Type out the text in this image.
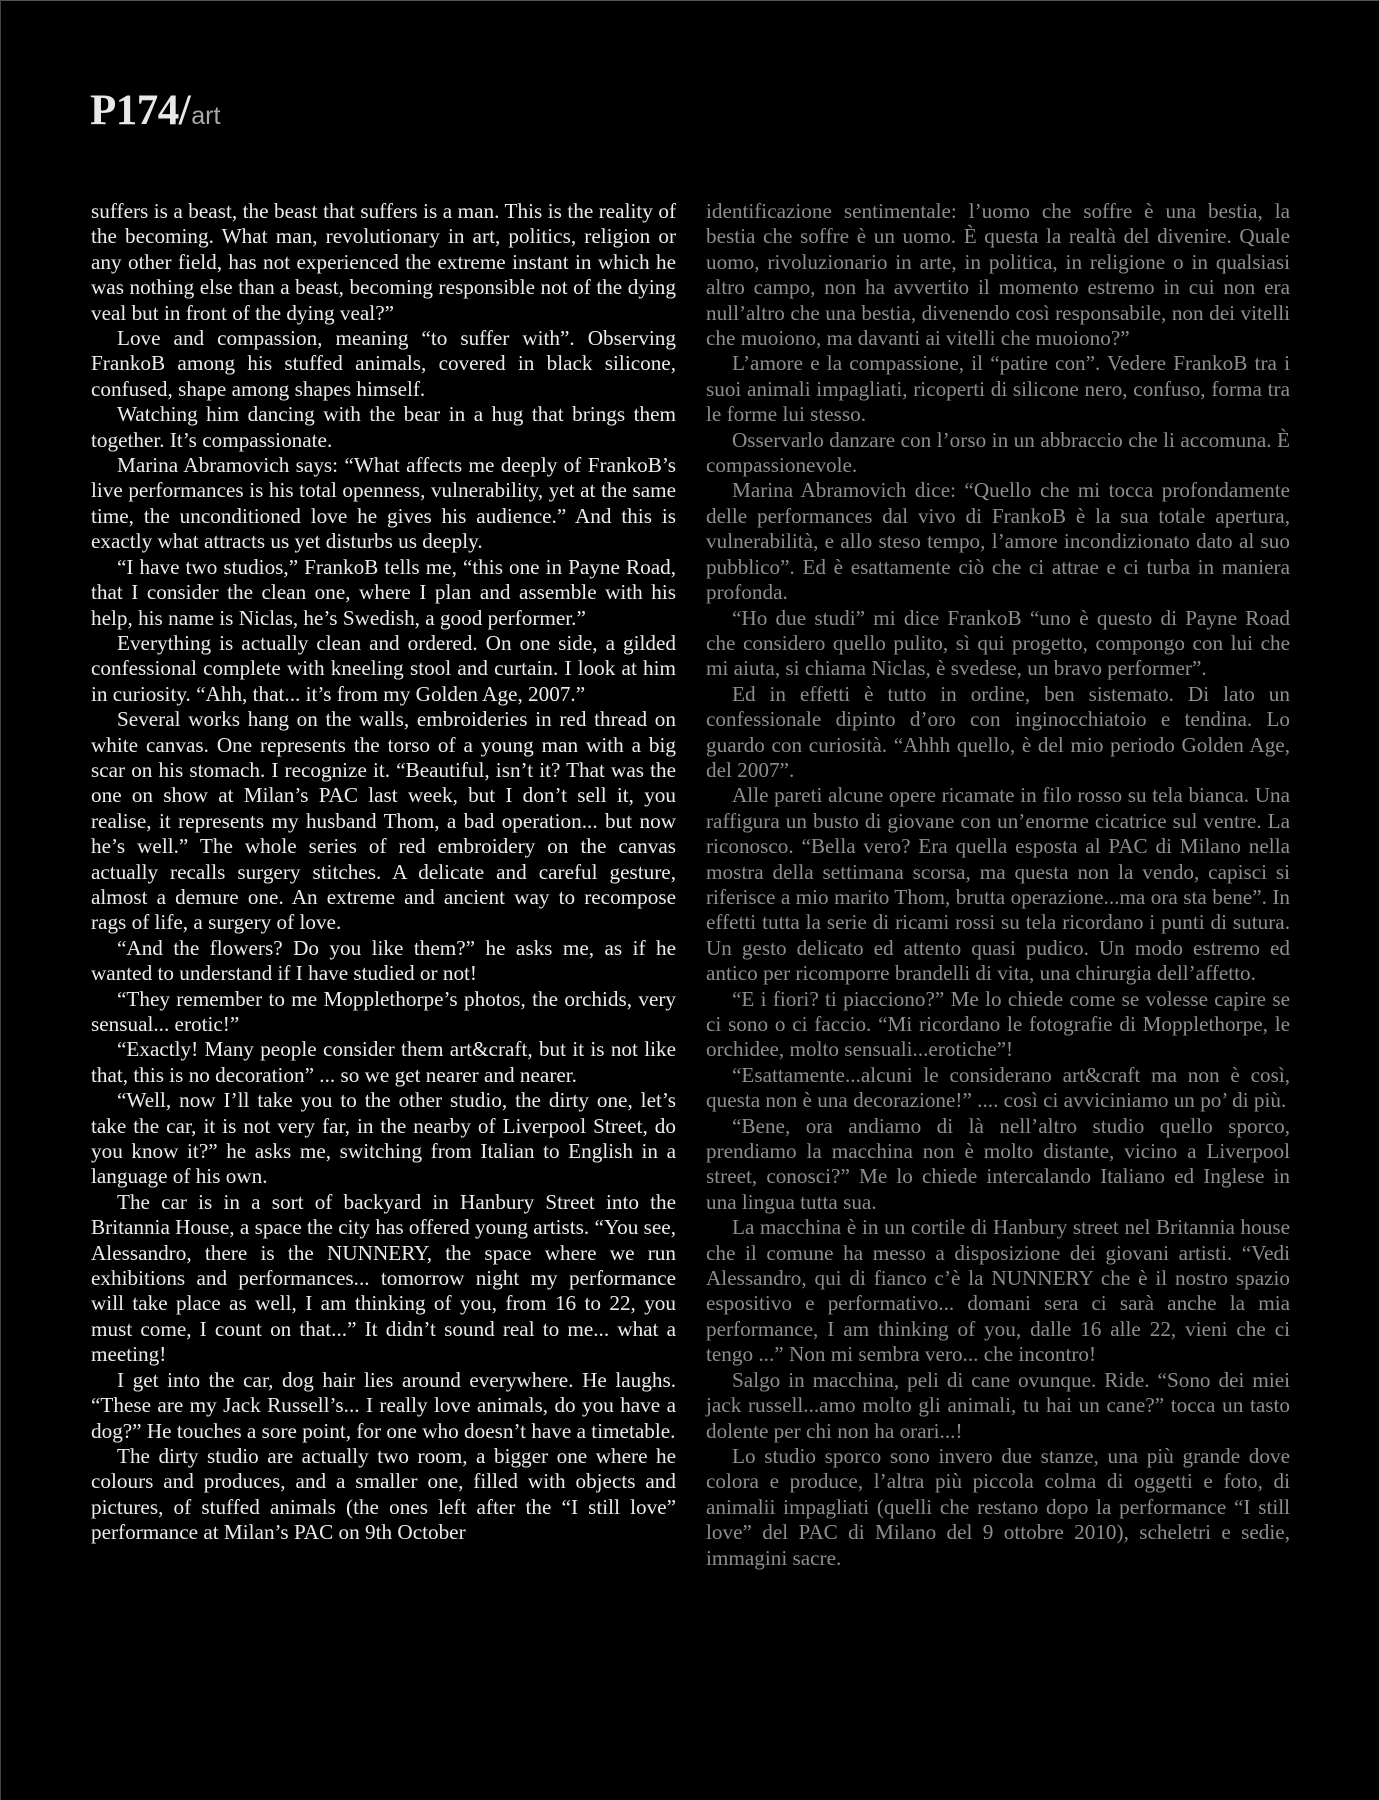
P174/art

suffers is a beast, the beast that suffers is a man. This is the reality of the becoming. What man, revolutionary in art, politics, religion or any other field, has not experienced the extreme instant in which he was nothing else than a beast, becoming responsible not of the dying veal but in front of the dying veal?”

Love and compassion, meaning “to suffer with”. Observing FrankoB among his stuffed animals, covered in black silicone, confused, shape among shapes himself.

Watching him dancing with the bear in a hug that brings them together. It’s compassionate.

Marina Abramovich says: “What affects me deeply of FrankoB’s live performances is his total openness, vulnerability, yet at the same time, the unconditioned love he gives his audience.” And this is exactly what attracts us yet disturbs us deeply.

“I have two studios,” FrankoB tells me, “this one in Payne Road, that I consider the clean one, where I plan and assemble with his help, his name is Niclas, he’s Swedish, a good performer.”

Everything is actually clean and ordered. On one side, a gilded confessional complete with kneeling stool and curtain. I look at him in curiosity. “Ahh, that... it’s from my Golden Age, 2007.”

Several works hang on the walls, embroideries in red thread on white canvas. One represents the torso of a young man with a big scar on his stomach. I recognize it. “Beautiful, isn’t it? That was the one on show at Milan’s PAC last week, but I don’t sell it, you realise, it represents my husband Thom, a bad operation... but now he’s well.” The whole series of red embroidery on the canvas actually recalls surgery stitches. A delicate and careful gesture, almost a demure one. An extreme and ancient way to recompose rags of life, a surgery of love.

“And the flowers? Do you like them?” he asks me, as if he wanted to understand if I have studied or not!

“They remember to me Mopplethorpe’s photos, the orchids, very sensual... erotic!”

“Exactly! Many people consider them art&craft, but it is not like that, this is no decoration” ... so we get nearer and nearer.

“Well, now I’ll take you to the other studio, the dirty one, let’s take the car, it is not very far, in the nearby of Liverpool Street, do you know it?” he asks me, switching from Italian to English in a language of his own.

The car is in a sort of backyard in Hanbury Street into the Britannia House, a space the city has offered young artists. “You see, Alessandro, there is the NUNNERY, the space where we run exhibitions and performances... tomorrow night my performance will take place as well, I am thinking of you, from 16 to 22, you must come, I count on that...” It didn’t sound real to me... what a meeting!

I get into the car, dog hair lies around everywhere. He laughs. “These are my Jack Russell’s... I really love animals, do you have a dog?” He touches a sore point, for one who doesn’t have a timetable.

The dirty studio are actually two room, a bigger one where he colours and produces, and a smaller one, filled with objects and pictures, of stuffed animals (the ones left after the “I still love” performance at Milan’s PAC on 9th October

identificazione sentimentale: l’uomo che soffre è una bestia, la bestia che soffre è un uomo. È questa la realtà del divenire. Quale uomo, rivoluzionario in arte, in politica, in religione o in qualsiasi altro campo, non ha avvertito il momento estremo in cui non era null’altro che una bestia, divenendo così responsabile, non dei vitelli che muoiono, ma davanti ai vitelli che muoiono?”

L’amore e la compassione, il “patire con”. Vedere FrankoB tra i suoi animali impagliati, ricoperti di silicone nero, confuso, forma tra le forme lui stesso.

Osservarlo danzare con l’orso in un abbraccio che li accomuna. È compassionevole.

Marina Abramovich dice: “Quello che mi tocca profondamente delle performances dal vivo di FrankoB è la sua totale apertura, vulnerabilità, e allo steso tempo, l’amore incondizionato dato al suo pubblico”. Ed è esattamente ciò che ci attrae e ci turba in maniera profonda.

“Ho due studi” mi dice FrankoB “uno è questo di Payne Road che considero quello pulito, sì qui progetto, compongo con lui che mi aiuta, si chiama Niclas, è svedese, un bravo performer”.

Ed in effetti è tutto in ordine, ben sistemato. Di lato un confessionale dipinto d’oro con inginocchiatoio e tendina. Lo guardo con curiosità. “Ahhh quello, è del mio periodo Golden Age, del 2007”.

Alle pareti alcune opere ricamate in filo rosso su tela bianca. Una raffigura un busto di giovane con un’enorme cicatrice sul ventre. La riconosco. “Bella vero? Era quella esposta al PAC di Milano nella mostra della settimana scorsa, ma questa non la vendo, capisci si riferisce a mio marito Thom, brutta operazione...ma ora sta bene”. In effetti tutta la serie di ricami rossi su tela ricordano i punti di sutura. Un gesto delicato ed attento quasi pudico. Un modo estremo ed antico per ricomporre brandelli di vita, una chirurgia dell’affetto.

“E i fiori? ti piacciono?” Me lo chiede come se volesse capire se ci sono o ci faccio. “Mi ricordano le fotografie di Mopplethorpe, le orchidee, molto sensuali...erotiche”!

“Esattamente...alcuni le considerano art&craft ma non è così, questa non è una decorazione!” .... così ci avviciniamo un po’ di più.

“Bene, ora andiamo di là nell’altro studio quello sporco, prendiamo la macchina non è molto distante, vicino a Liverpool street, conosci?” Me lo chiede intercalando Italiano ed Inglese in una lingua tutta sua.

La macchina è in un cortile di Hanbury street nel Britannia house che il comune ha messo a disposizione dei giovani artisti. “Vedi Alessandro, qui di fianco c’è la NUNNERY che è il nostro spazio espositivo e performativo... domani sera ci sarà anche la mia performance, I am thinking of you, dalle 16 alle 22, vieni che ci tengo ...” Non mi sembra vero... che incontro!

Salgo in macchina, peli di cane ovunque. Ride. “Sono dei miei jack russell...amo molto gli animali, tu hai un cane?” tocca un tasto dolente per chi non ha orari...!

Lo studio sporco sono invero due stanze, una più grande dove colora e produce, l’altra più piccola colma di oggetti e foto, di animalii impagliati (quelli che restano dopo la performance “I still love” del PAC di Milano del 9 ottobre 2010), scheletri e sedie, immagini sacre.
